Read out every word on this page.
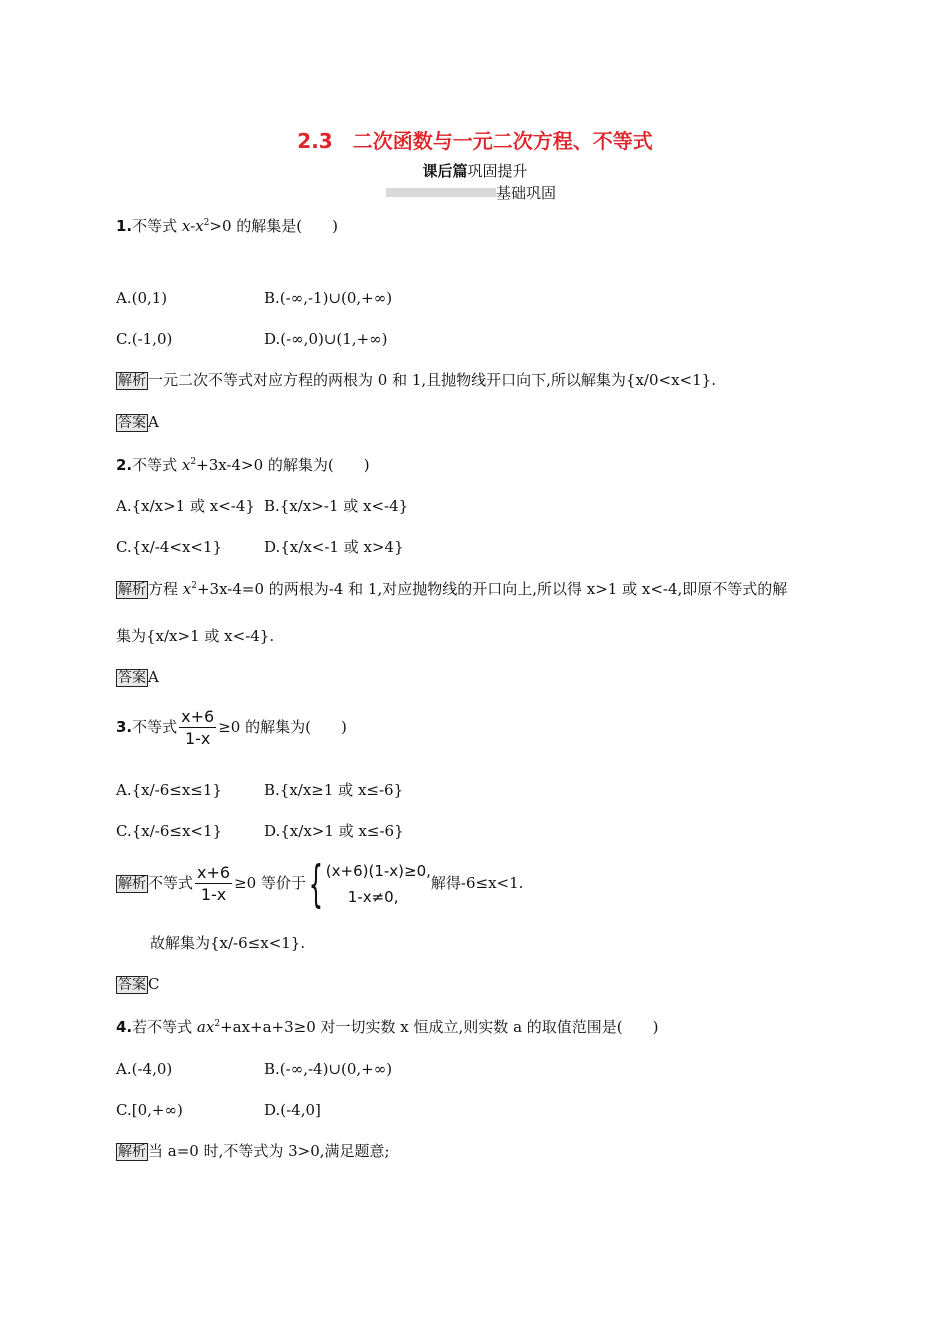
2.3　二次函数与一元二次方程、不等式
课后篇巩固提升
基础巩固
1.不等式 $x-x^2>0$ 的解集是(　　)
A.(0,1)	B.(-∞,-1)∪(0,+∞)
C.(-1,0)	D.(-∞,0)∪(1,+∞)
解析 一元二次不等式对应方程的两根为 0 和 1,且抛物线开口向下,所以解集为{x/0<x<1}.
答案 A
2.不等式 $x^2+3x-4>0$ 的解集为(　　)
A.{x/x>1 或 x<-4} B.{x/x>-1 或 x<-4}
C.{x/-4<x<1}	D.{x/x<-1 或 x>4}
解析 方程 $x^2+3x-4=0$ 的两根为-4 和 1,对应抛物线的开口向上,所以得 x>1 或 x<-4,即原不等式的解
集为{x/x>1 或 x<-4}.
答案 A
3.不等式 $\frac{x+6}{1-x} \ge 0$ 的解集为(　　)
A.{x/-6≤x≤1}	B.{x/x≥1 或 x≤-6}
C.{x/-6≤x<1}	D.{x/x>1 或 x≤-6}
解析 不等式 $\frac{x+6}{1-x} \ge 0$ 等价于{ (x+6)(1-x)≥0,
1-x≠0,
解得-6≤x<1.
故解集为{x/-6≤x<1}.
答案 C
4.若不等式 $ax^2+ax+a+3\ge 0$ 对一切实数 x 恒成立,则实数 a 的取值范围是(　　)
A.(-4,0)	B.(-∞,-4)∪(0,+∞)
C.[0,+∞)	D.(-4,0]
解析 当 a=0 时,不等式为 3>0,满足题意;
